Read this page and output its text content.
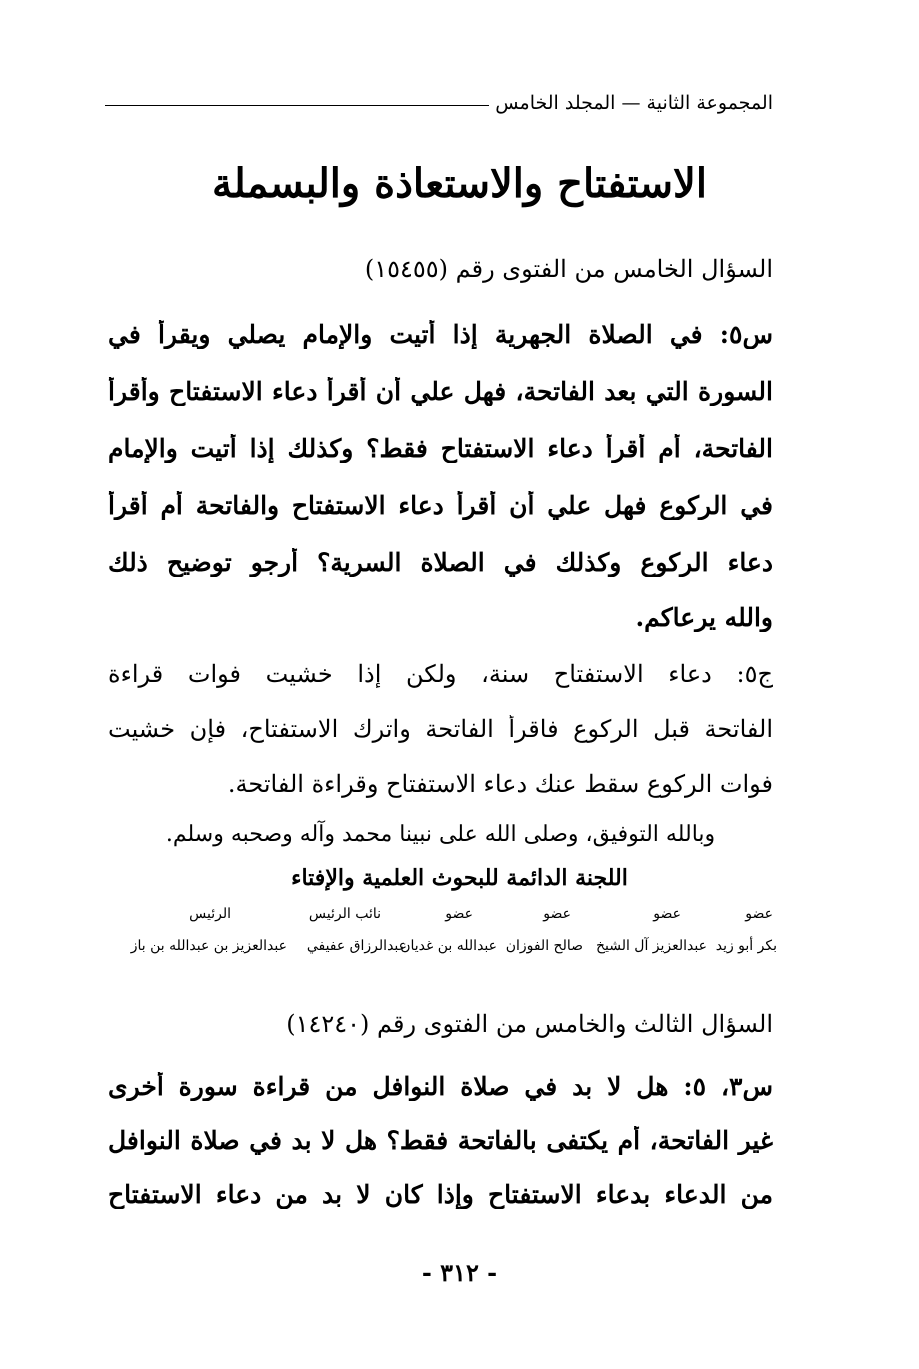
المجموعة الثانية — المجلد الخامس
الاستفتاح والاستعاذة والبسملة
السؤال الخامس من الفتوى رقم (١٥٤٥٥)
س٥: في الصلاة الجهرية إذا أتيت والإمام يصلي ويقرأ في
السورة التي بعد الفاتحة، فهل علي أن أقرأ دعاء الاستفتاح وأقرأ
الفاتحة، أم أقرأ دعاء الاستفتاح فقط؟ وكذلك إذا أتيت والإمام
في الركوع فهل علي أن أقرأ دعاء الاستفتاح والفاتحة أم أقرأ
دعاء الركوع وكذلك في الصلاة السرية؟ أرجو توضيح ذلك
والله يرعاكم.
ج٥: دعاء الاستفتاح سنة، ولكن إذا خشيت فوات قراءة
الفاتحة قبل الركوع فاقرأ الفاتحة واترك الاستفتاح، فإن خشيت
فوات الركوع سقط عنك دعاء الاستفتاح وقراءة الفاتحة.
وبالله التوفيق، وصلى الله على نبينا محمد وآله وصحبه وسلم.
اللجنة الدائمة للبحوث العلمية والإفتاء
عضو
عضو
عضو
عضو
نائب الرئيس
الرئيس
بكر أبو زيد
عبدالعزيز آل الشيخ
صالح الفوزان
عبدالله بن غديان
عبدالرزاق عفيفي
عبدالعزيز بن عبدالله بن باز
السؤال الثالث والخامس من الفتوى رقم (١٤٢٤٠)
س٣، ٥: هل لا بد في صلاة النوافل من قراءة سورة أخرى
غير الفاتحة، أم يكتفى بالفاتحة فقط؟ هل لا بد في صلاة النوافل
من الدعاء بدعاء الاستفتاح وإذا كان لا بد من دعاء الاستفتاح
- ٣١٢ -
